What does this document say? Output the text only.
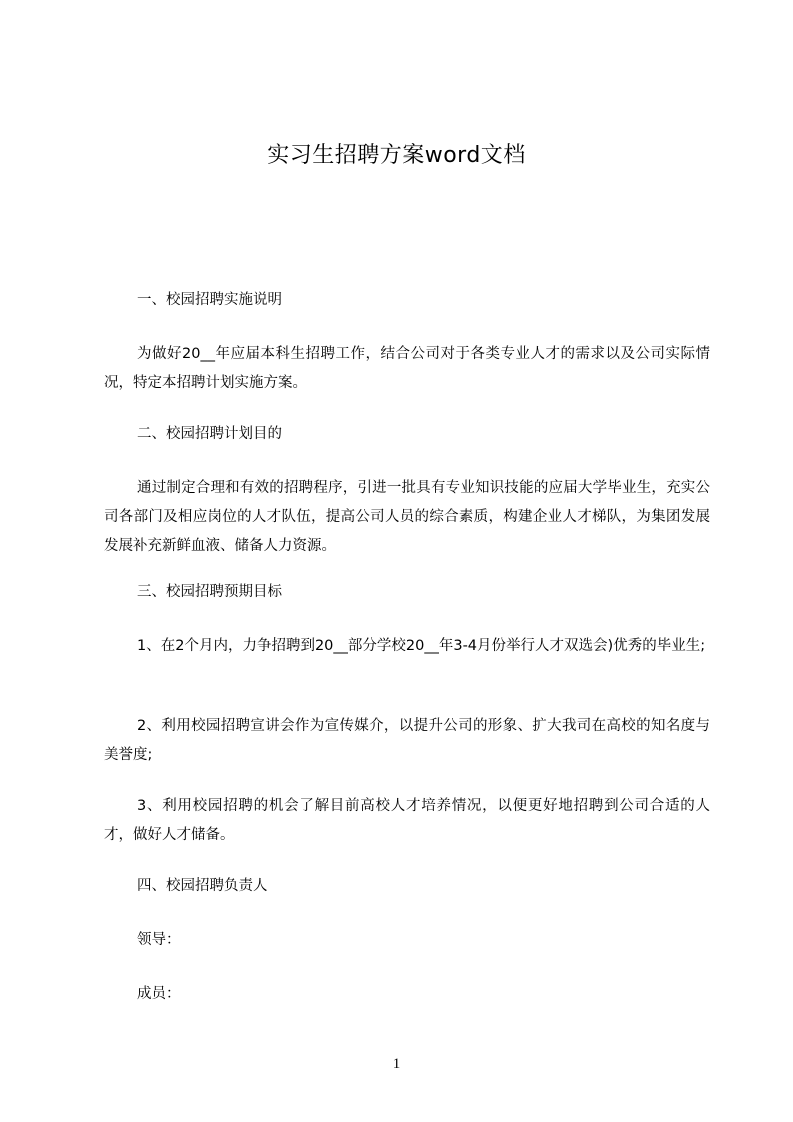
实习生招聘方案word文档
一、校园招聘实施说明
为做好20__年应届本科生招聘工作，结合公司对于各类专业人才的需求以及公司实际情况，特定本招聘计划实施方案。
二、校园招聘计划目的
通过制定合理和有效的招聘程序，引进一批具有专业知识技能的应届大学毕业生，充实公司各部门及相应岗位的人才队伍，提高公司人员的综合素质，构建企业人才梯队，为集团发展发展补充新鲜血液、储备人力资源。
三、校园招聘预期目标
1、在2个月内，力争招聘到20__部分学校20__年3-4月份举行人才双选会)优秀的毕业生;
2、利用校园招聘宣讲会作为宣传媒介，以提升公司的形象、扩大我司在高校的知名度与美誉度;
3、利用校园招聘的机会了解目前高校人才培养情况，以便更好地招聘到公司合适的人才，做好人才储备。
四、校园招聘负责人
领导：
成员：
1
